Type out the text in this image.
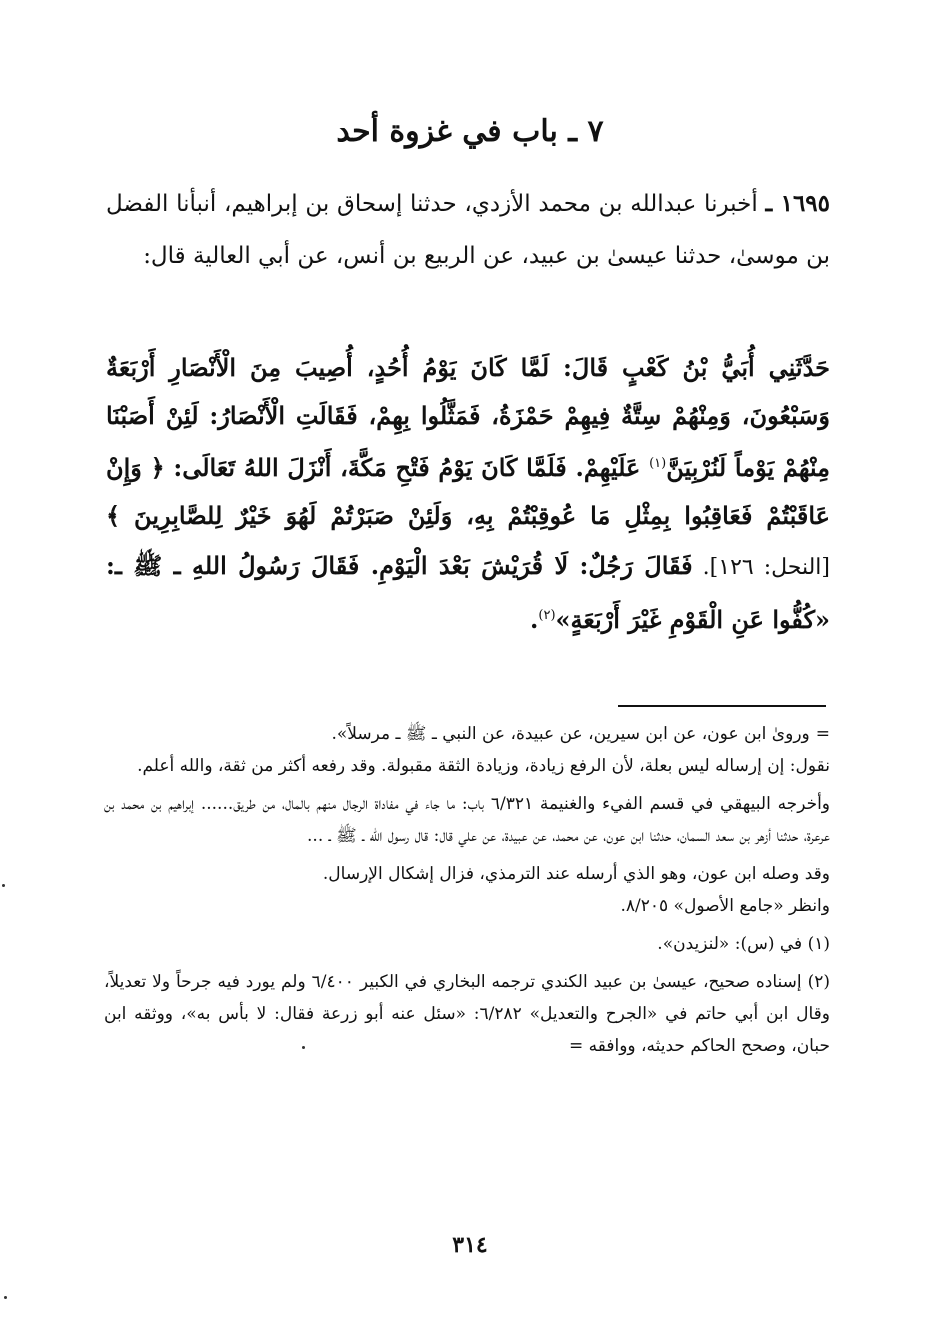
٧ ـ باب في غزوة أحد

١٦٩٥ ـ أخبرنا عبدالله بن محمد الأزدي، حدثنا إسحاق بن إبراهيم، أنبأنا الفضل بن موسىٰ، حدثنا عيسىٰ بن عبيد، عن الربيع بن أنس، عن أبي العالية قال:

حَدَّثَنِي أُبَيُّ بْنُ كَعْبٍ قَالَ: لَمَّا كَانَ يَوْمُ أُحُدٍ، أُصِيبَ مِنَ الْأَنْصَارِ أَرْبَعَةٌ وَسَبْعُونَ، وَمِنْهُمْ سِتَّةٌ فِيهِمْ حَمْزَةُ، فَمَثَّلُوا بِهِمْ، فَقَالَتِ الْأَنْصَارُ: لَئِنْ أَصَبْنَا مِنْهُمْ يَوْماً لَنُرْبِيَنَّ$^{(١)}$ عَلَيْهِمْ. فَلَمَّا كَانَ يَوْمُ فَتْحِ مَكَّةَ، أَنْزَلَ اللهُ تَعَالَى: ﴿ وَإِنْ عَاقَبْتُمْ فَعَاقِبُوا بِمِثْلِ مَا عُوقِبْتُمْ بِهِ، وَلَئِنْ صَبَرْتُمْ لَهُوَ خَيْرٌ لِلصَّابِرِينَ ﴾ [النحل: ١٢٦]. فَقَالَ رَجُلٌ: لَا قُرَيْشَ بَعْدَ الْيَوْمِ. فَقَالَ رَسُولُ اللهِ ـ ﷺ ـ: «كُفُّوا عَنِ الْقَوْمِ غَيْرَ أَرْبَعَةٍ»$^{(٢)}$.

=ورویٰ ابن عون، عن ابن سيرين، عن عبيدة، عن النبي ـ ﷺ ـ مرسلاً».

نقول: إن إرساله ليس بعلة، لأن الرفع زيادة، وزيادة الثقة مقبولة. وقد رفعه أكثر من ثقة، والله أعلم.

وأخرجه البيهقي في قسم الفيء والغنيمة ٦/٣٢١ باب: ما جاء في مفاداة الرجال منهم بالمال، من طريق...... إبراهيم بن محمد بن عرعرة، حدثنا أزهر بن سعد السمان، حدثنا ابن عون، عن محمد، عن عبيدة، عن علي قال: قال رسول الله ـ ﷺ ـ ...

وقد وصله ابن عون، وهو الذي أرسله عند الترمذي، فزال إشكال الإرسال.

وانظر «جامع الأصول» ٨/٢٠٥.

(١) في (س): «لنزيدن».

(٢) إسناده صحيح، عيسىٰ بن عبيد الكندي ترجمه البخاري في الكبير ٦/٤٠٠ ولم يورد فيه جرحاً ولا تعديلاً، وقال ابن أبي حاتم في «الجرح والتعديل» ٦/٢٨٢: «سئل عنه أبو زرعة فقال: لا بأس به»، ووثقه ابن حبان، وصحح الحاكم حديثه، ووافقه =

٣١٤
